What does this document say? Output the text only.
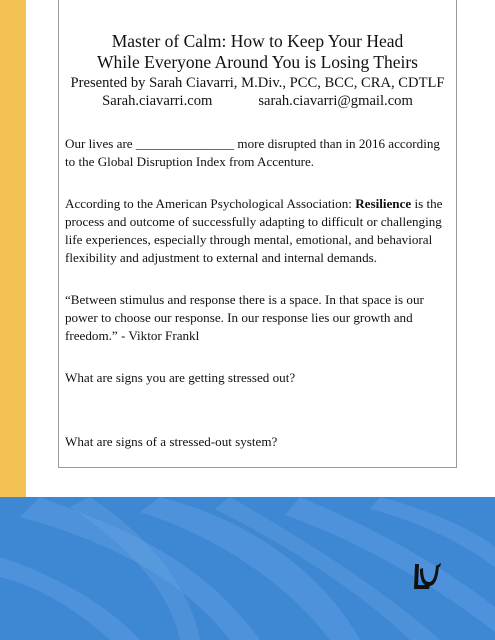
Master of Calm: How to Keep Your Head

While Everyone Around You is Losing Theirs

Presented by Sarah Ciavarri, M.Div., PCC, BCC, CRA, CDTLF

Sarah.ciavarri.com	sarah.ciavarri@gmail.com

Our lives are _______________ more disrupted than in 2016 according to the Global Disruption Index from Accenture.

According to the American Psychological Association: Resilience is the process and outcome of successfully adapting to difficult or challenging life experiences, especially through mental, emotional, and behavioral flexibility and adjustment to external and internal demands.

“Between stimulus and response there is a space. In that space is our power to choose our response. In our response lies our growth and freedom.” - Viktor Frankl

What are signs you are getting stressed out?

What are signs of a stressed-out system?
